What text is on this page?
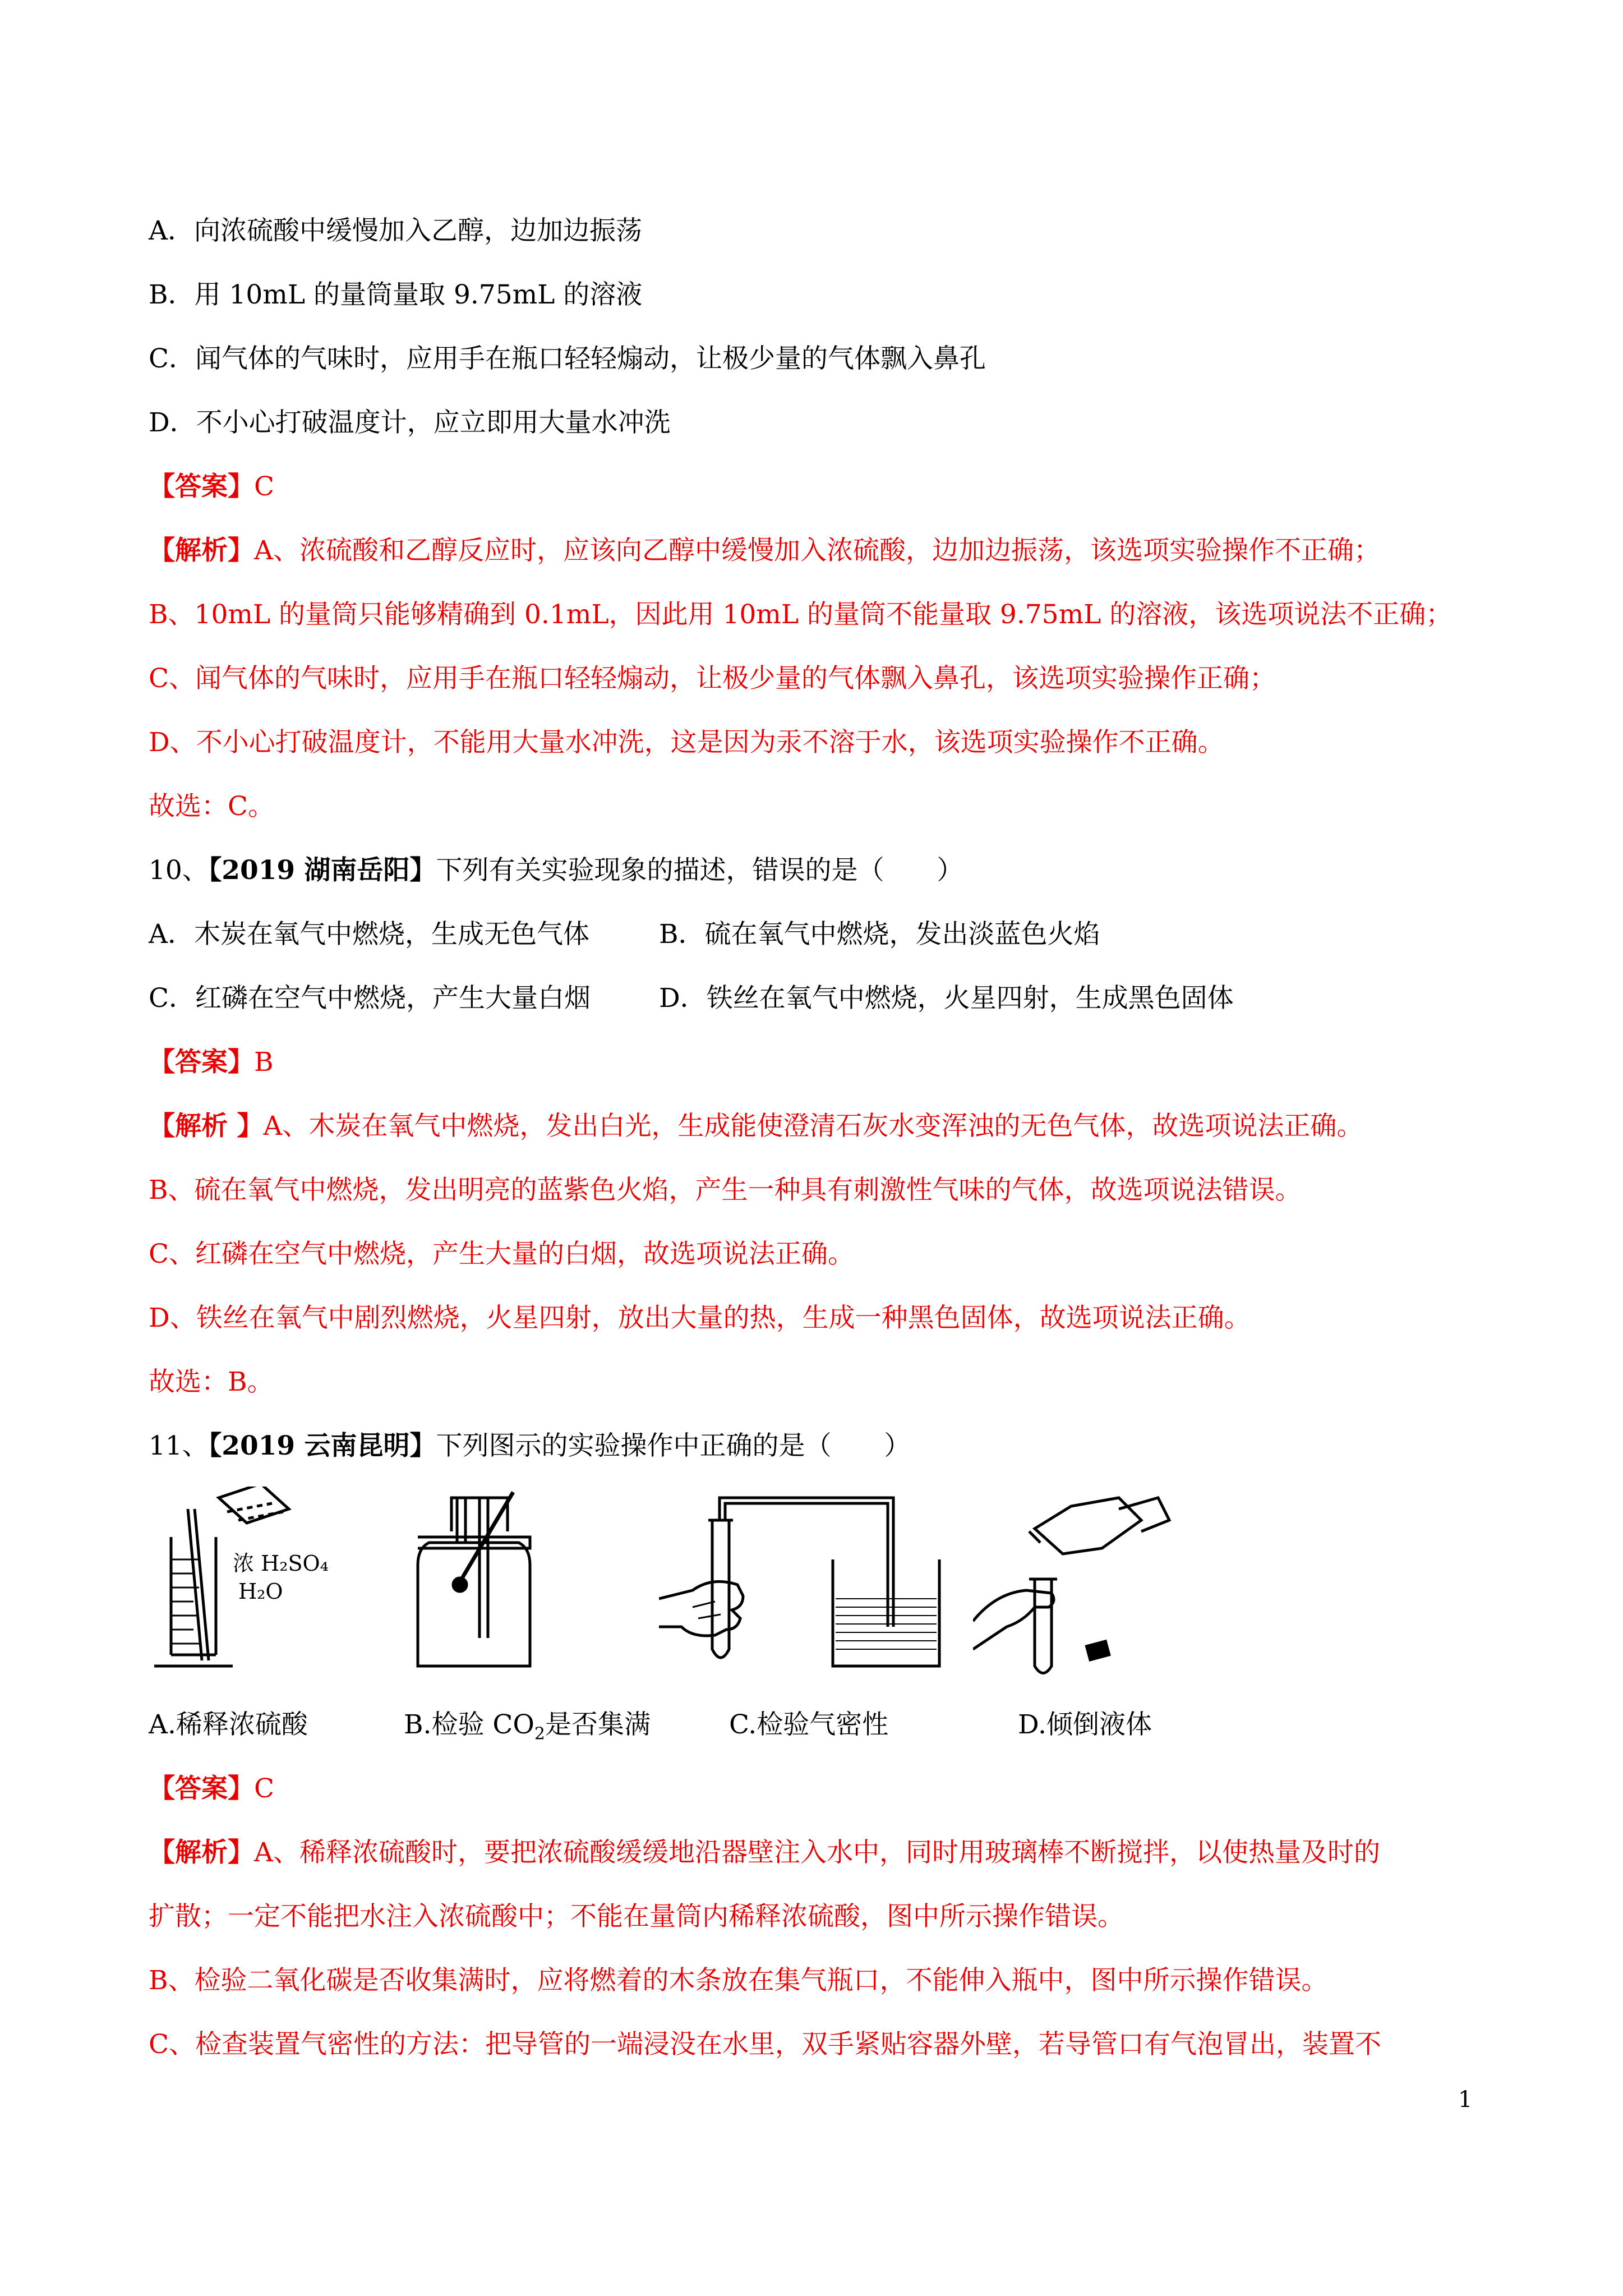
A．向浓硫酸中缓慢加入乙醇，边加边振荡
B．用 10mL 的量筒量取 9.75mL 的溶液
C．闻气体的气味时，应用手在瓶口轻轻煽动，让极少量的气体飘入鼻孔
D．不小心打破温度计，应立即用大量水冲洗
【答案】C
【解析】A、浓硫酸和乙醇反应时，应该向乙醇中缓慢加入浓硫酸，边加边振荡，该选项实验操作不正确；
B、10mL 的量筒只能够精确到 0.1mL，因此用 10mL 的量筒不能量取 9.75mL 的溶液，该选项说法不正确；
C、闻气体的气味时，应用手在瓶口轻轻煽动，让极少量的气体飘入鼻孔，该选项实验操作正确；
D、不小心打破温度计，不能用大量水冲洗，这是因为汞不溶于水，该选项实验操作不正确。
故选：C。
10、【2019 湖南岳阳】下列有关实验现象的描述，错误的是（　　）
A．木炭在氧气中燃烧，生成无色气体	B．硫在氧气中燃烧，发出淡蓝色火焰
C．红磷在空气中燃烧，产生大量白烟	D．铁丝在氧气中燃烧，火星四射，生成黑色固体
【答案】B
【解析 】A、木炭在氧气中燃烧，发出白光，生成能使澄清石灰水变浑浊的无色气体，故选项说法正确。
B、硫在氧气中燃烧，发出明亮的蓝紫色火焰，产生一种具有刺激性气味的气体，故选项说法错误。
C、红磷在空气中燃烧，产生大量的白烟，故选项说法正确。
D、铁丝在氧气中剧烈燃烧，火星四射，放出大量的热，生成一种黑色固体，故选项说法正确。
故选：B。
11、【2019 云南昆明】下列图示的实验操作中正确的是（　　）
浓 H₂SO₄
H₂O
A.稀释浓硫酸	B.检验 $CO_2$是否集满	C.检验气密性	D.倾倒液体
【答案】C
【解析】A、稀释浓硫酸时，要把浓硫酸缓缓地沿器壁注入水中，同时用玻璃棒不断搅拌，以使热量及时的
扩散；一定不能把水注入浓硫酸中；不能在量筒内稀释浓硫酸，图中所示操作错误。
B、检验二氧化碳是否收集满时，应将燃着的木条放在集气瓶口，不能伸入瓶中，图中所示操作错误。
C、检查装置气密性的方法：把导管的一端浸没在水里，双手紧贴容器外壁，若导管口有气泡冒出，装置不
1
